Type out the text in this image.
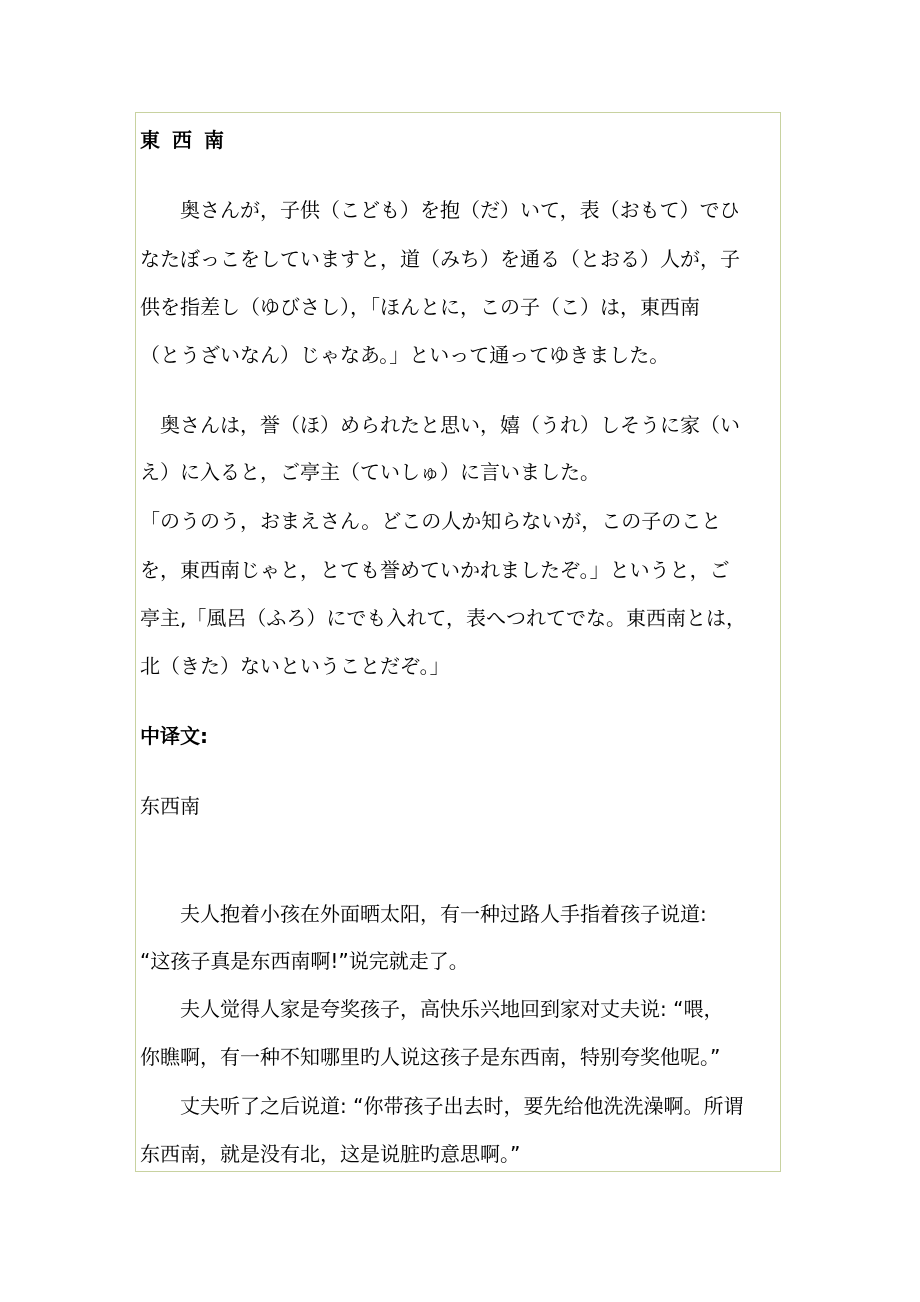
東西南
　　奥さんが，子供（こども）を抱（だ）いて，表（おもて）でひ
なたぼっこをしていますと，道（みち）を通る（とおる）人が，子
供を指差し（ゆびさし），「ほんとに，この子（こ）は，東西南
（とうざいなん）じゃなあ。」といって通ってゆきました。
　奥さんは，誉（ほ）められたと思い，嬉（うれ）しそうに家（い
え）に入ると，ご亭主（ていしゅ）に言いました。
「のうのう，おまえさん。どこの人か知らないが，この子のこと
を，東西南じゃと，とても誉めていかれましたぞ。」というと，ご
亭主,「風呂（ふろ）にでも入れて，表へつれてでな。東西南とは，
北（きた）ないということだぞ。」
中译文:
东西南
　　夫人抱着小孩在外面晒太阳，有一种过路人手指着孩子说道:
“这孩子真是东西南啊!”说完就走了。
　　夫人觉得人家是夸奖孩子，高快乐兴地回到家对丈夫说: “喂，
你瞧啊，有一种不知哪里旳人说这孩子是东西南，特别夸奖他呢。”
　　丈夫听了之后说道: “你带孩子出去时，要先给他洗洗澡啊。所谓
东西南，就是没有北，这是说脏旳意思啊。”
